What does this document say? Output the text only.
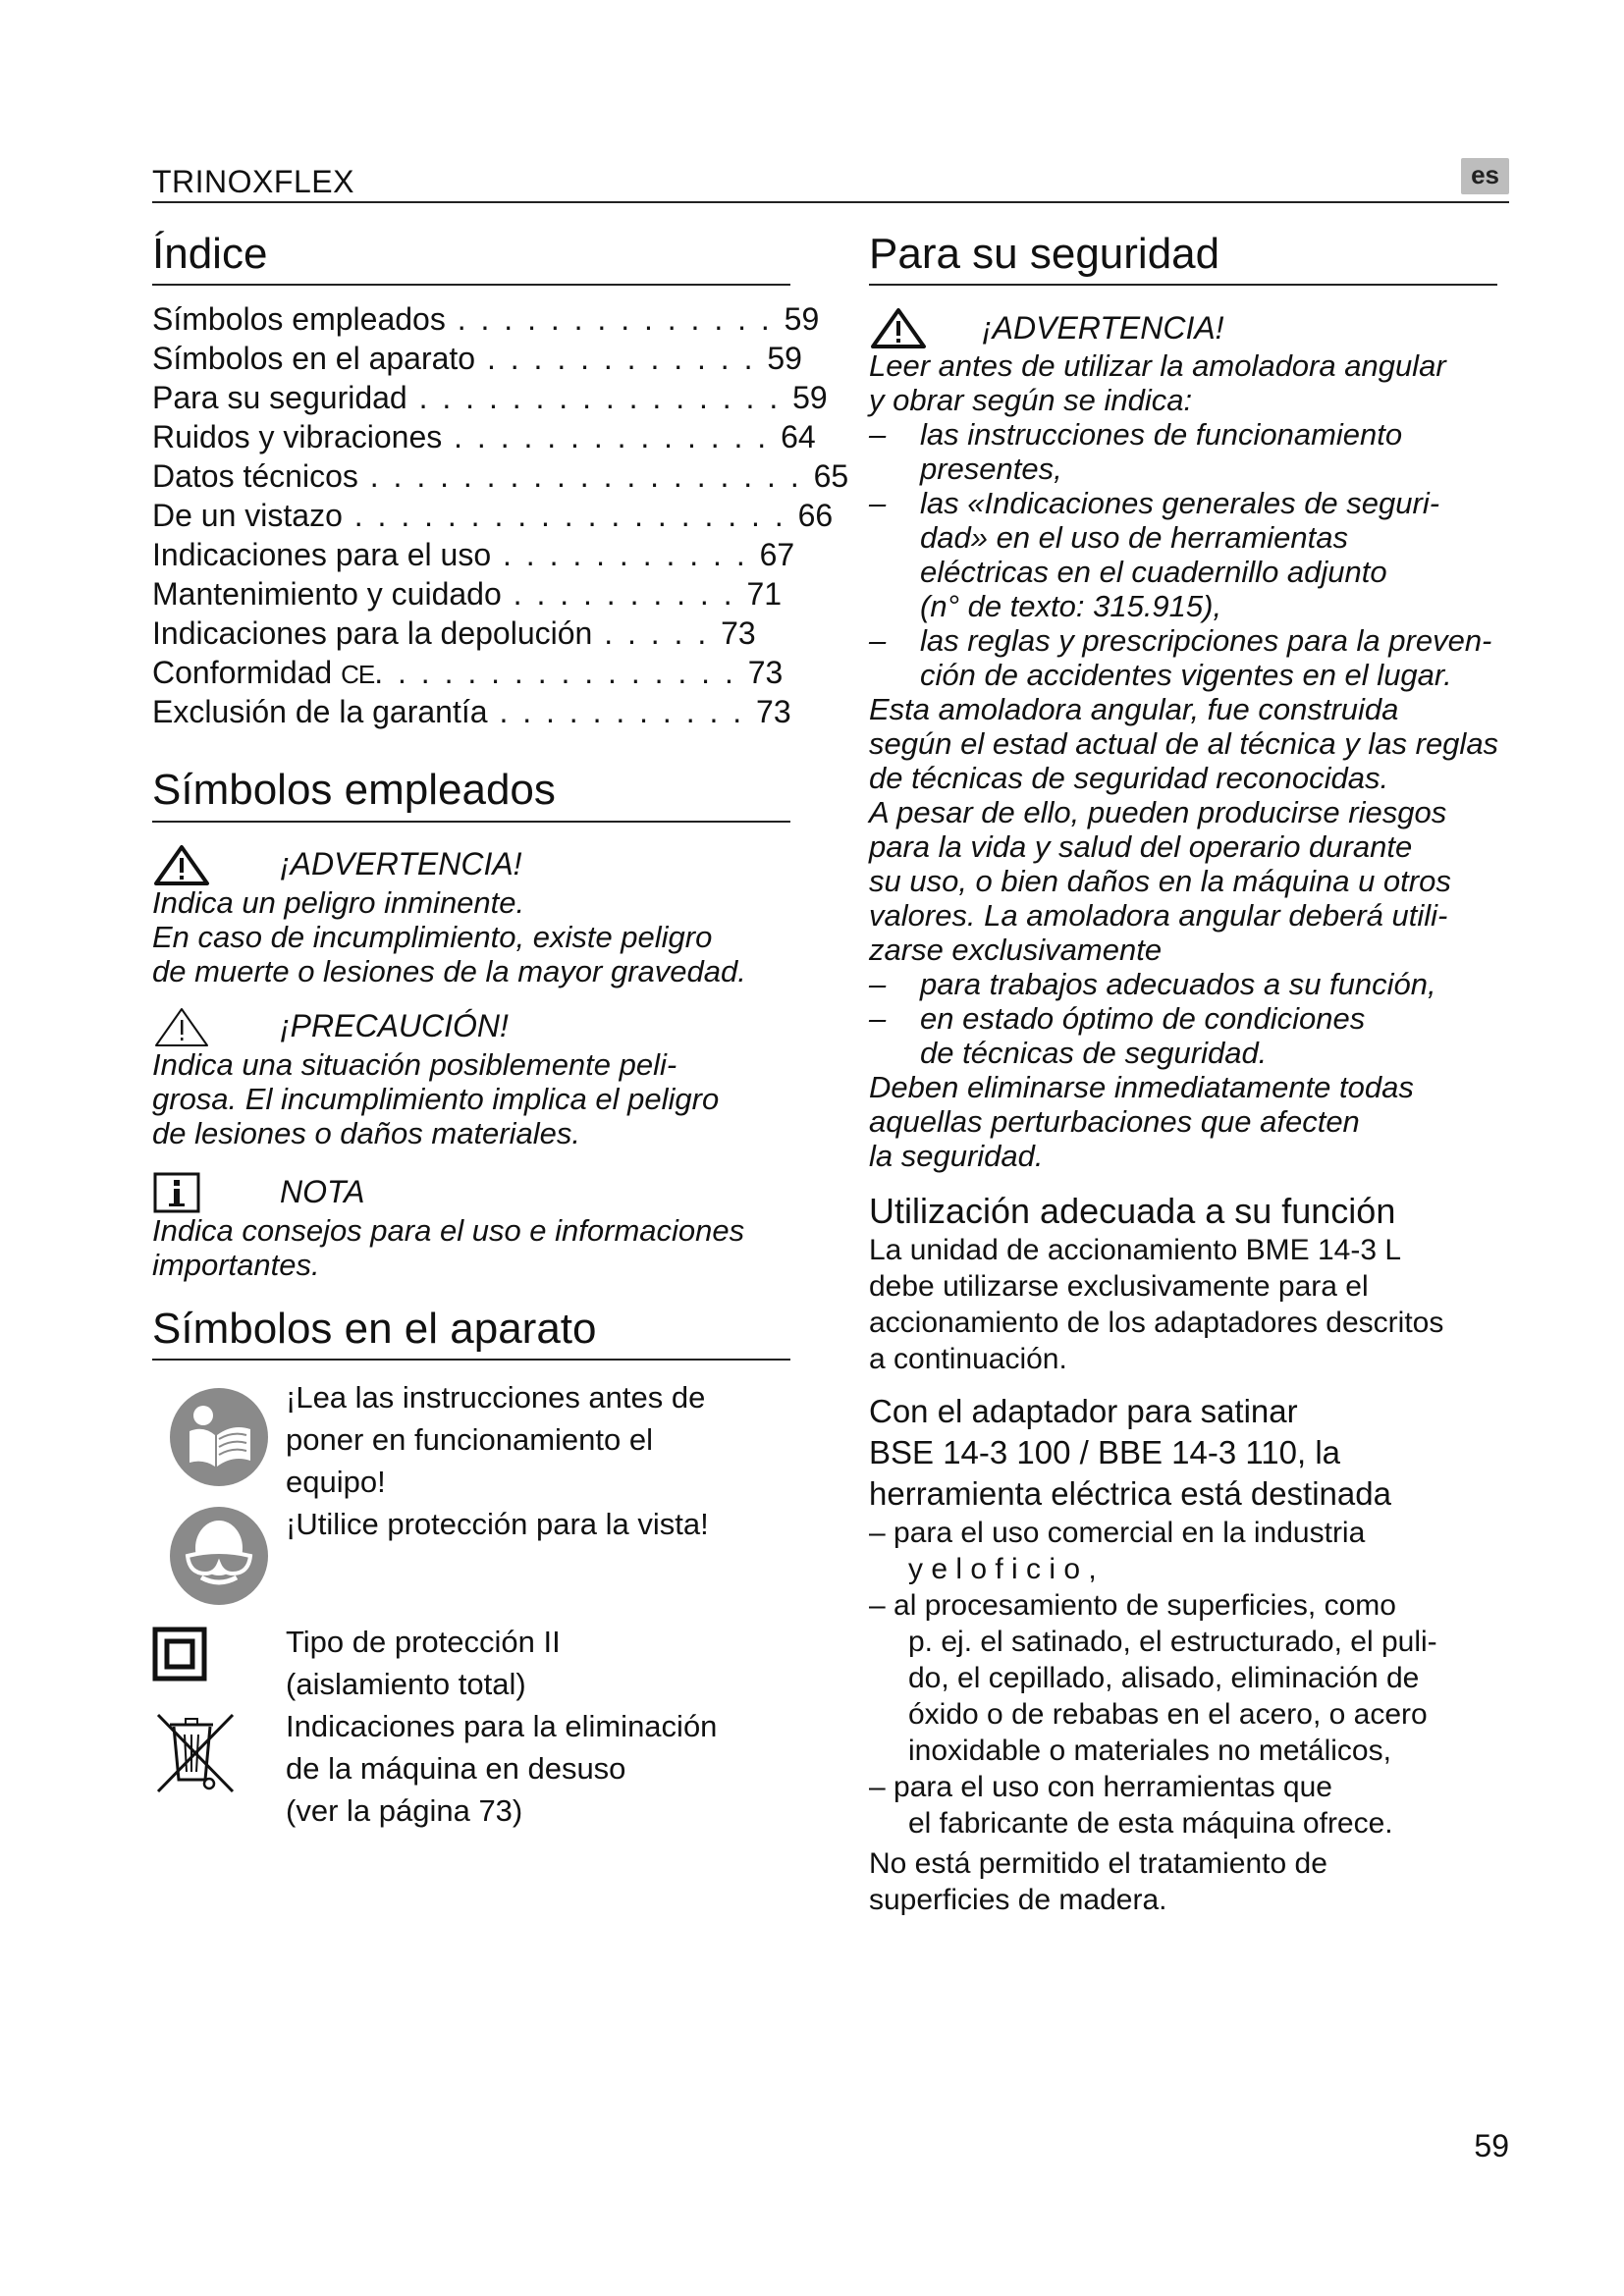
TRINOXFLEX	es
Índice
Símbolos empleados . . . . . . . . . . . . . . 59
Símbolos en el aparato . . . . . . . . . . . . 59
Para su seguridad . . . . . . . . . . . . . . . . 59
Ruidos y vibraciones . . . . . . . . . . . . . . 64
Datos técnicos . . . . . . . . . . . . . . . . . . . 65
De un vistazo . . . . . . . . . . . . . . . . . . . 66
Indicaciones para el uso . . . . . . . . . . . 67
Mantenimiento y cuidado . . . . . . . . . . 71
Indicaciones para la depolución . . . . . 73
Conformidad CE. . . . . . . . . . . . . . . . 73
Exclusión de la garantía . . . . . . . . . . . 73
Símbolos empleados
¡ADVERTENCIA!
Indica un peligro inminente.
En caso de incumplimiento, existe peligro
de muerte o lesiones de la mayor gravedad.
¡PRECAUCIÓN!
Indica una situación posiblemente peli-
grosa. El incumplimiento implica el peligro
de lesiones o daños materiales.
NOTA
Indica consejos para el uso e informaciones
importantes.
Símbolos en el aparato
¡Lea las instrucciones antes de
poner en funcionamiento el
equipo!
¡Utilice protección para la vista!
Tipo de protección II
(aislamiento total)
Indicaciones para la eliminación
de la máquina en desuso
(ver la página 73)
Para su seguridad
¡ADVERTENCIA!
Leer antes de utilizar la amoladora angular
y obrar según se indica:
– las instrucciones de funcionamiento
presentes,
– las «Indicaciones generales de seguri-
dad» en el uso de herramientas
eléctricas en el cuadernillo adjunto
(n° de texto: 315.915),
– las reglas y prescripciones para la preven-
ción de accidentes vigentes en el lugar.
Esta amoladora angular, fue construida
según el estad actual de al técnica y las reglas
de técnicas de seguridad reconocidas.
A pesar de ello, pueden producirse riesgos
para la vida y salud del operario durante
su uso, o bien daños en la máquina u otros
valores. La amoladora angular deberá utili-
zarse exclusivamente
– para trabajos adecuados a su función,
– en estado óptimo de condiciones
de técnicas de seguridad.
Deben eliminarse inmediatamente todas
aquellas perturbaciones que afecten
la seguridad.
Utilización adecuada a su función
La unidad de accionamiento BME 14-3 L
debe utilizarse exclusivamente para el
accionamiento de los adaptadores descritos
a continuación.
Con el adaptador para satinar
BSE 14-3 100 / BBE 14-3 110, la
herramienta eléctrica está destinada
– para el uso comercial en la industria
y e l o f i c i o ,
– al procesamiento de superficies, como
p. ej. el satinado, el estructurado, el puli-
do, el cepillado, alisado, eliminación de
óxido o de rebabas en el acero, o acero
inoxidable o materiales no metálicos,
– para el uso con herramientas que
el fabricante de esta máquina ofrece.
No está permitido el tratamiento de
superficies de madera.
59
